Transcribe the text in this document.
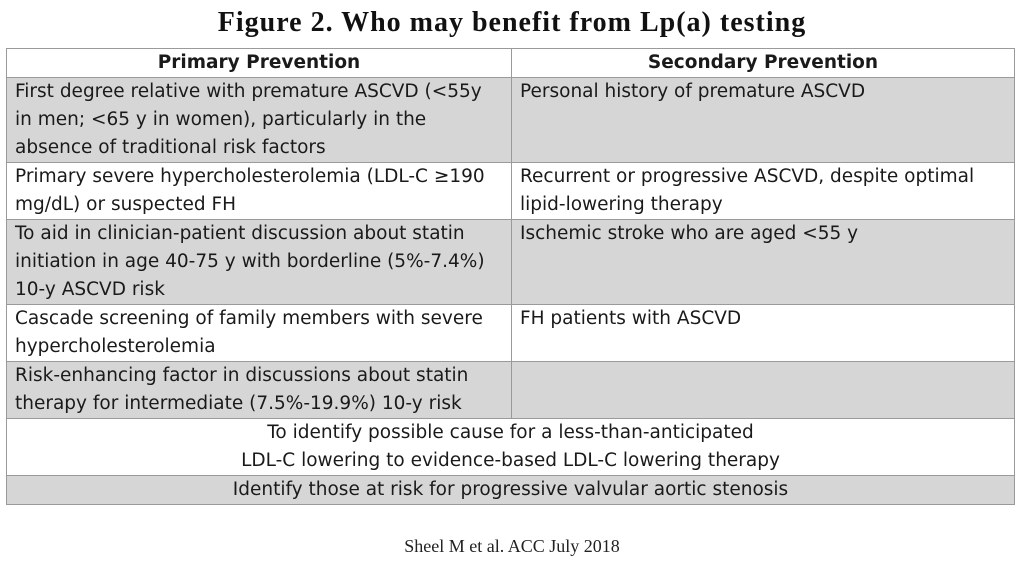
Figure 2. Who may benefit from Lp(a) testing
Primary Prevention	Secondary Prevention
First degree relative with premature ASCVD (<55y in men; <65 y in women), particularly in the absence of traditional risk factors	Personal history of premature ASCVD
Primary severe hypercholesterolemia (LDL-C ≥190 mg/dL) or suspected FH	Recurrent or progressive ASCVD, despite optimal lipid-lowering therapy
To aid in clinician-patient discussion about statin initiation in age 40-75 y with borderline (5%-7.4%) 10-y ASCVD risk	Ischemic stroke who are aged <55 y
Cascade screening of family members with severe hypercholesterolemia	FH patients with ASCVD
Risk-enhancing factor in discussions about statin therapy for intermediate (7.5%-19.9%) 10-y risk	

To identify possible cause for a less-than-anticipated
LDL-C lowering to evidence-based LDL-C lowering therapy	

Identify those at risk for progressive valvular aortic stenosis	
Sheel M et al. ACC July 2018
